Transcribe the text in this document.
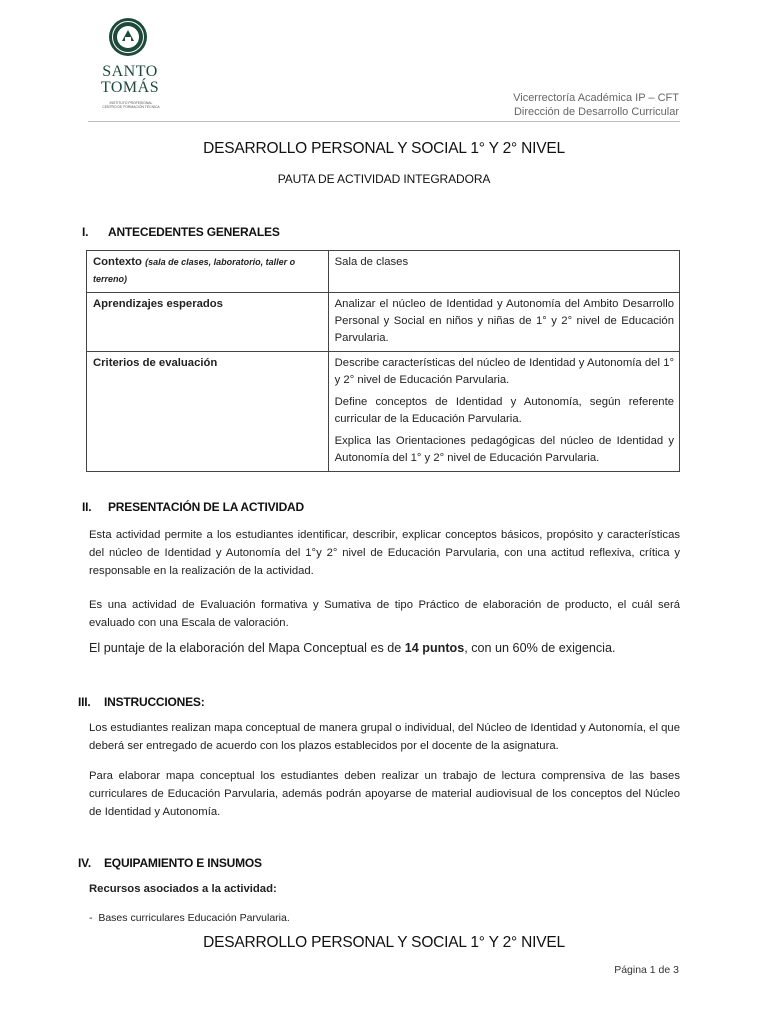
SANTO
TOMÁS
INSTITUTO PROFESIONAL
CENTRO DE FORMACIÓN TÉCNICA
Vicerrectoría Académica IP – CFT
Dirección de Desarrollo Curricular
DESARROLLO PERSONAL Y SOCIAL 1° Y 2° NIVEL
PAUTA DE ACTIVIDAD INTEGRADORA
I. ANTECEDENTES GENERALES
Contexto (sala de clases, laboratorio, taller o terreno)	Sala de clases
Aprendizajes esperados	Analizar el núcleo de Identidad y Autonomía del Ambito Desarrollo Personal y Social en niños y niñas de 1° y 2° nivel de Educación Parvularia.
Criterios de evaluación	Describe características del núcleo de Identidad y Autonomía del 1° y 2° nivel de Educación Parvularia.

Define conceptos de Identidad y Autonomía, según referente curricular de la Educación Parvularia.

Explica las Orientaciones pedagógicas del núcleo de Identidad y Autonomía del 1° y 2° nivel de Educación Parvularia.

II. PRESENTACIÓN DE LA ACTIVIDAD
Esta actividad permite a los estudiantes identificar, describir, explicar conceptos básicos, propósito y características del núcleo de Identidad y Autonomía del 1°y 2° nivel de Educación Parvularia, con una actitud reflexiva, crítica y responsable en la realización de la actividad.
Es una actividad de Evaluación formativa y Sumativa de tipo Práctico de elaboración de producto, el cuál será evaluado con una Escala de valoración.
El puntaje de la elaboración del Mapa Conceptual es de 14 puntos, con un 60% de exigencia.
III. INSTRUCCIONES:
Los estudiantes realizan mapa conceptual de manera grupal o individual, del Núcleo de Identidad y Autonomía, el que deberá ser entregado de acuerdo con los plazos establecidos por el docente de la asignatura.
Para elaborar mapa conceptual los estudiantes deben realizar un trabajo de lectura comprensiva de las bases curriculares de Educación Parvularia, además podrán apoyarse de material audiovisual de los conceptos del Núcleo de Identidad y Autonomía.
IV. EQUIPAMIENTO E INSUMOS
Recursos asociados a la actividad:
-  Bases curriculares Educación Parvularia.
DESARROLLO PERSONAL Y SOCIAL 1° Y 2° NIVEL
Página 1 de 3
